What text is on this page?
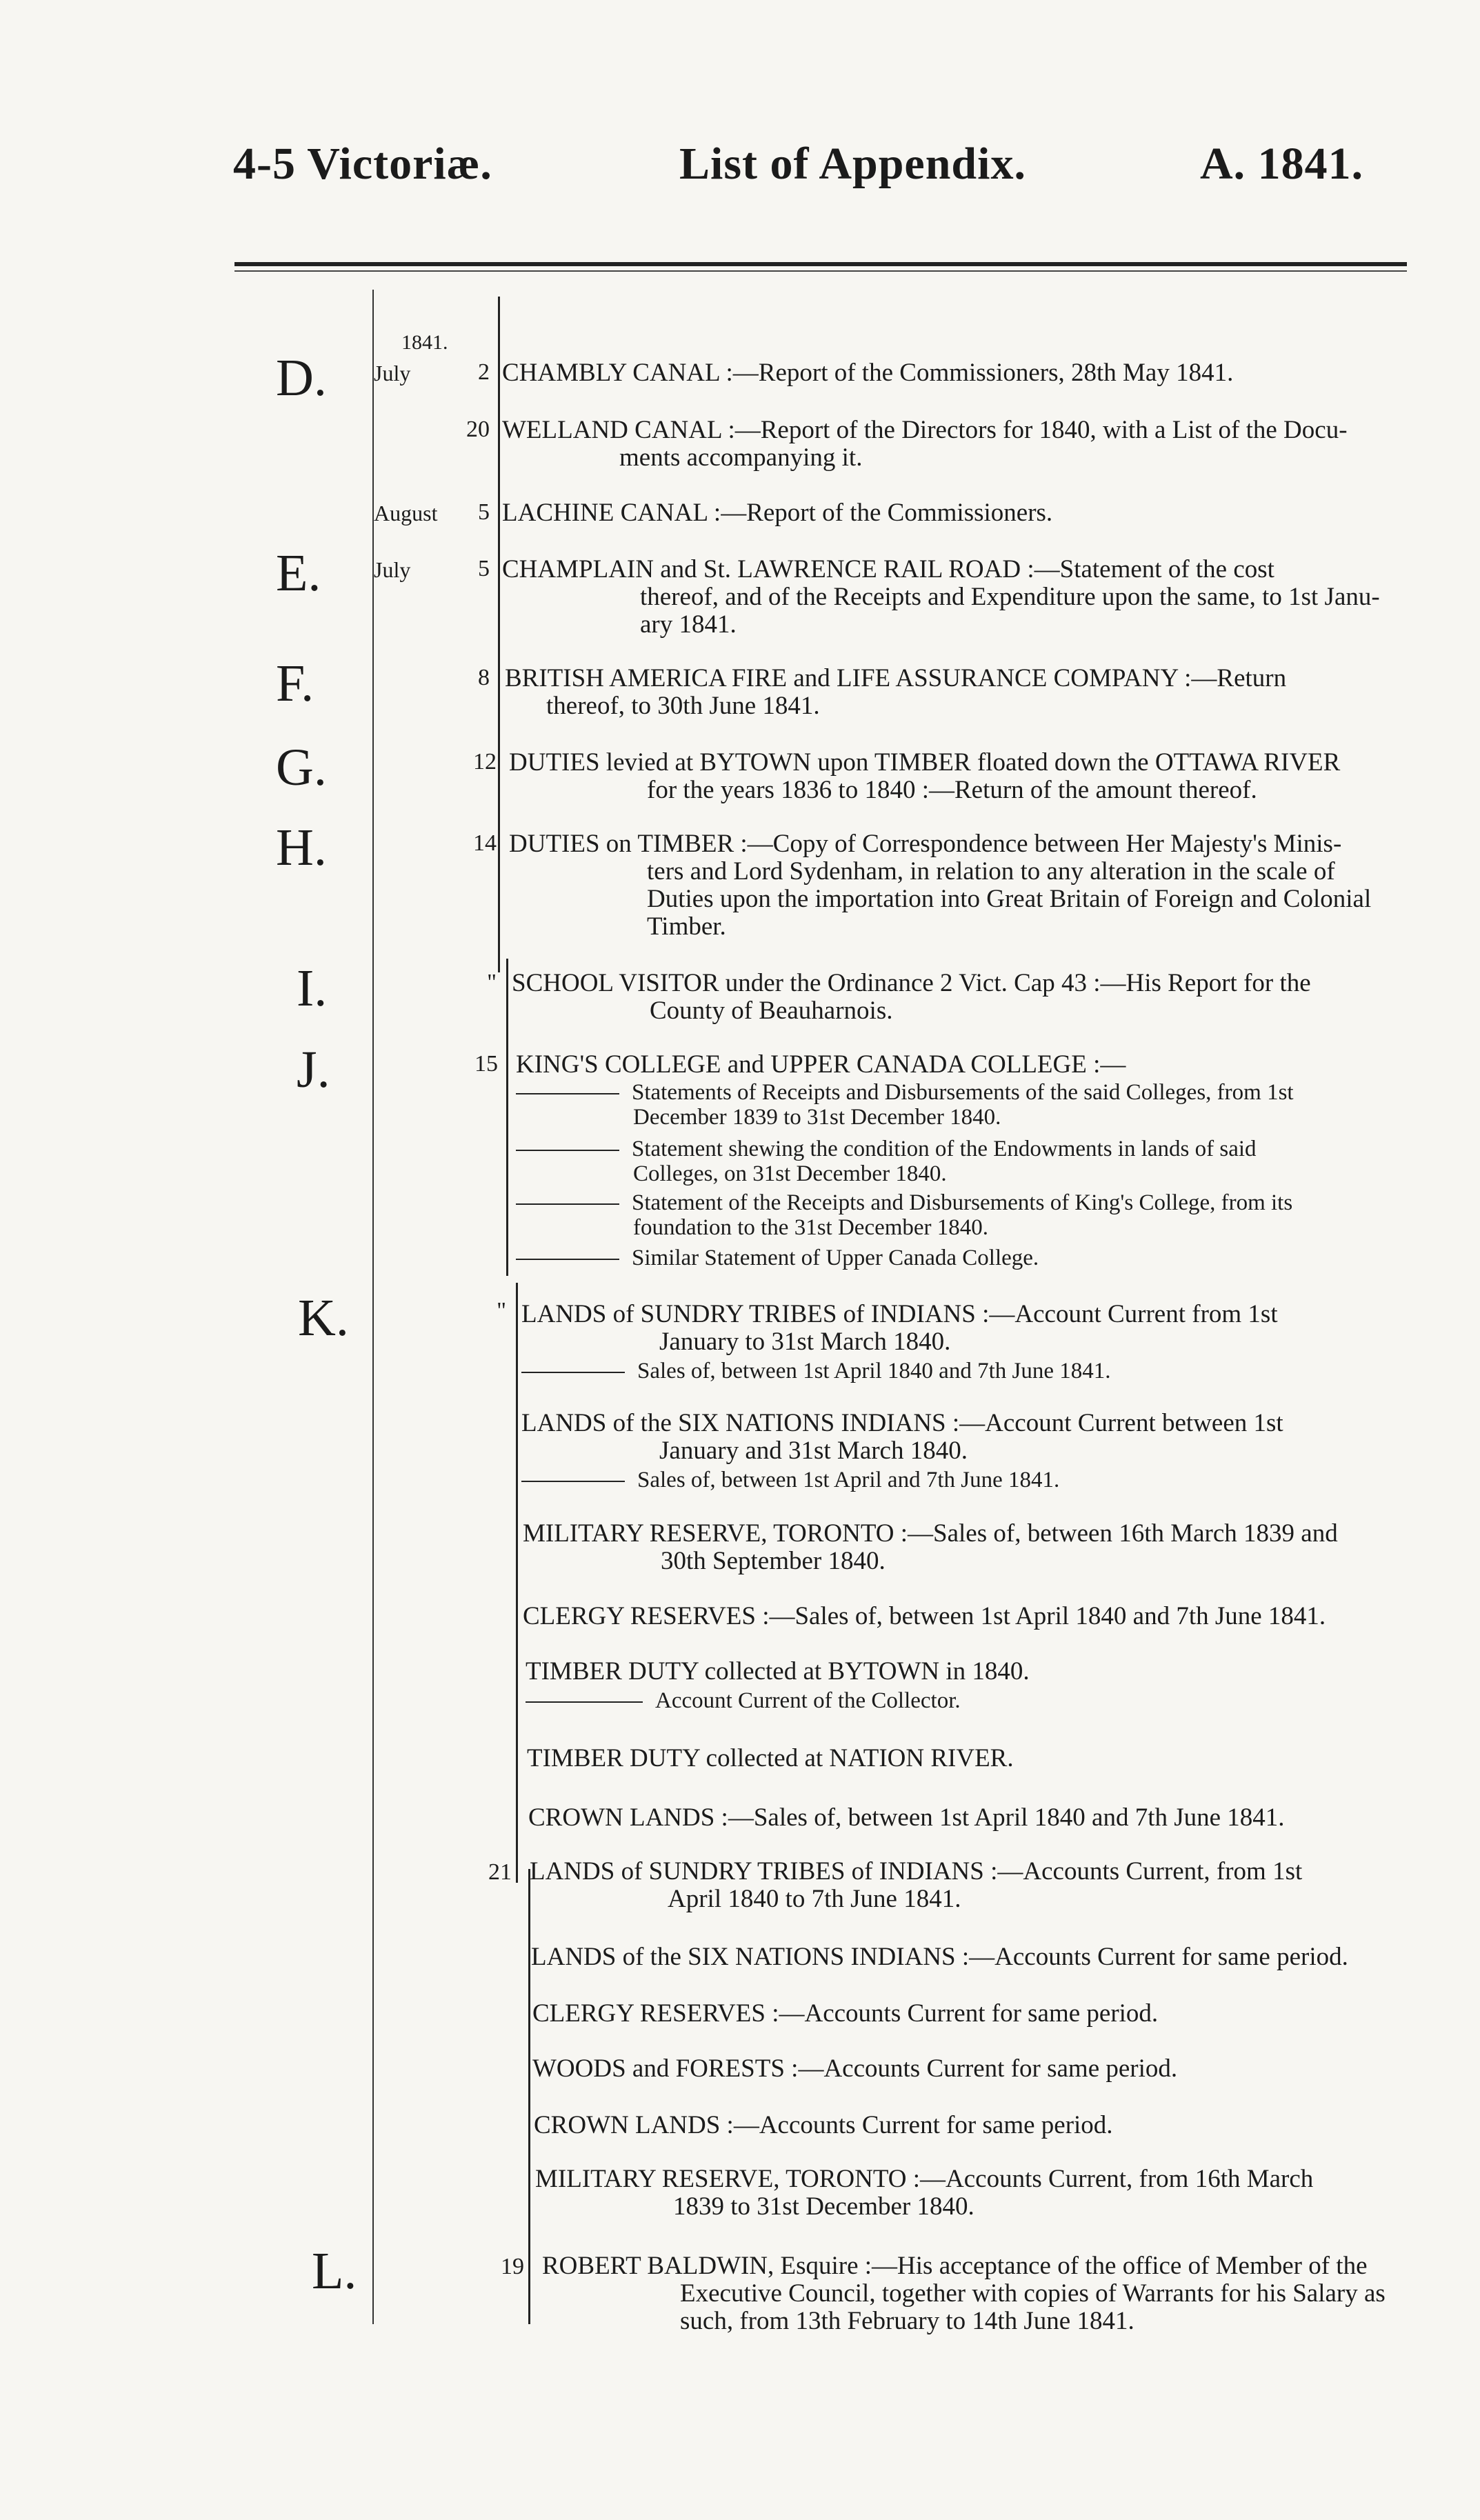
4-5 Victoriæ.	List of Appendix.	A. 1841.
1841.
D. July	2 CHAMBLY CANAL :—Report of the Commissioners, 28th May 1841.
20 WELLAND CANAL :—Report of the Directors for 1840, with a List of the Docu-
ments accompanying it.
August	5 LACHINE CANAL :—Report of the Commissioners.
E. July	5 CHAMPLAIN and St. LAWRENCE RAIL ROAD :—Statement of the cost
thereof, and of the Receipts and Expenditure upon the same, to 1st Janu-
ary 1841.
F.	8 BRITISH AMERICA FIRE and LIFE ASSURANCE COMPANY :—Return
thereof, to 30th June 1841.
G.	12 DUTIES levied at BYTOWN upon TIMBER floated down the OTTAWA RIVER
for the years 1836 to 1840 :—Return of the amount thereof.
H.	14 DUTIES on TIMBER :—Copy of Correspondence between Her Majesty's Minis-
ters and Lord Sydenham, in relation to any alteration in the scale of
Duties upon the importation into Great Britain of Foreign and Colonial
Timber.
I.	" SCHOOL VISITOR under the Ordinance 2 Vict. Cap 43 :—His Report for the
County of Beauharnois.
J.	15 KING'S COLLEGE and UPPER CANADA COLLEGE :—
Statements of Receipts and Disbursements of the said Colleges, from 1st
December 1839 to 31st December 1840.
Statement shewing the condition of the Endowments in lands of said
Colleges, on 31st December 1840.
Statement of the Receipts and Disbursements of King's College, from its
foundation to the 31st December 1840.
Similar Statement of Upper Canada College.
K.	" LANDS of SUNDRY TRIBES of INDIANS :—Account Current from 1st
January to 31st March 1840.
Sales of, between 1st April 1840 and 7th June 1841.
LANDS of the SIX NATIONS INDIANS :—Account Current between 1st
January and 31st March 1840.
Sales of, between 1st April and 7th June 1841.
MILITARY RESERVE, TORONTO :—Sales of, between 16th March 1839 and
30th September 1840.
CLERGY RESERVES :—Sales of, between 1st April 1840 and 7th June 1841.
TIMBER DUTY collected at BYTOWN in 1840.
Account Current of the Collector.
TIMBER DUTY collected at NATION RIVER.
CROWN LANDS :—Sales of, between 1st April 1840 and 7th June 1841.
21 LANDS of SUNDRY TRIBES of INDIANS :—Accounts Current, from 1st
April 1840 to 7th June 1841.
LANDS of the SIX NATIONS INDIANS :—Accounts Current for same period.
CLERGY RESERVES :—Accounts Current for same period.
WOODS and FORESTS :—Accounts Current for same period.
CROWN LANDS :—Accounts Current for same period.
MILITARY RESERVE, TORONTO :—Accounts Current, from 16th March
1839 to 31st December 1840.
L.	19 ROBERT BALDWIN, Esquire :—His acceptance of the office of Member of the
Executive Council, together with copies of Warrants for his Salary as
such, from 13th February to 14th June 1841.
